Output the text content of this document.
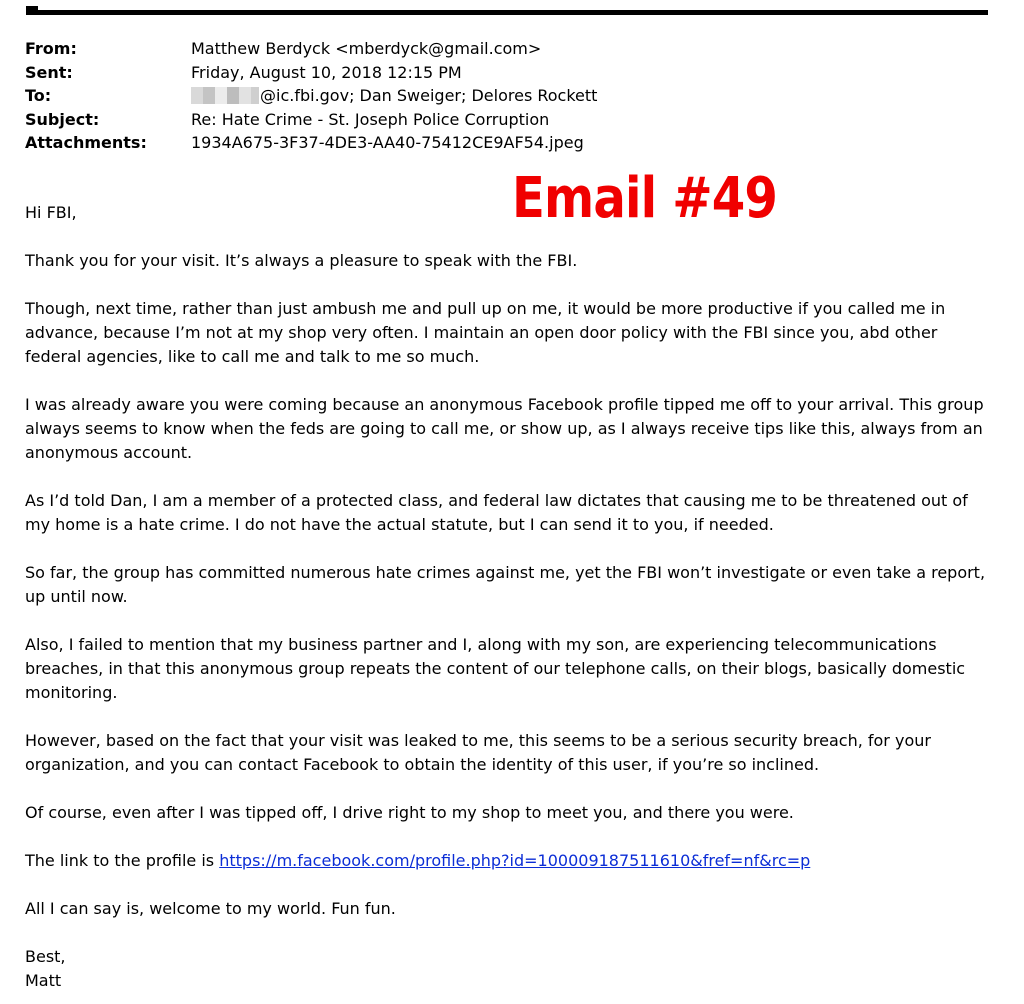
From:	Matthew Berdyck <mberdyck@gmail.com>
Sent:	Friday, August 10, 2018 12:15 PM
To:	@ic.fbi.gov; Dan Sweiger; Delores Rockett
Subject:	Re: Hate Crime - St. Joseph Police Corruption
Attachments:	1934A675-3F37-4DE3-AA40-75412CE9AF54.jpeg
Email #49

Hi FBI,

Thank you for your visit. It’s always a pleasure to speak with the FBI.

Though, next time, rather than just ambush me and pull up on me, it would be more productive if you called me in advance, because I’m not at my shop very often. I maintain an open door policy with the FBI since you, abd other federal agencies, like to call me and talk to me so much.

I was already aware you were coming because an anonymous Facebook profile tipped me off to your arrival. This group always seems to know when the feds are going to call me, or show up, as I always receive tips like this, always from an anonymous account.

As I’d told Dan, I am a member of a protected class, and federal law dictates that causing me to be threatened out of my home is a hate crime. I do not have the actual statute, but I can send it to you, if needed.

So far, the group has committed numerous hate crimes against me, yet the FBI won’t investigate or even take a report, up until now.

Also, I failed to mention that my business partner and I, along with my son, are experiencing telecommunications breaches, in that this anonymous group repeats the content of our telephone calls, on their blogs, basically domestic monitoring.

However, based on the fact that your visit was leaked to me, this seems to be a serious security breach, for your organization, and you can contact Facebook to obtain the identity of this user, if you’re so inclined.

Of course, even after I was tipped off, I drive right to my shop to meet you, and there you were.

The link to the profile is https://m.facebook.com/profile.php?id=100009187511610&fref=nf&rc=p

All I can say is, welcome to my world. Fun fun.

Best,

Matt
